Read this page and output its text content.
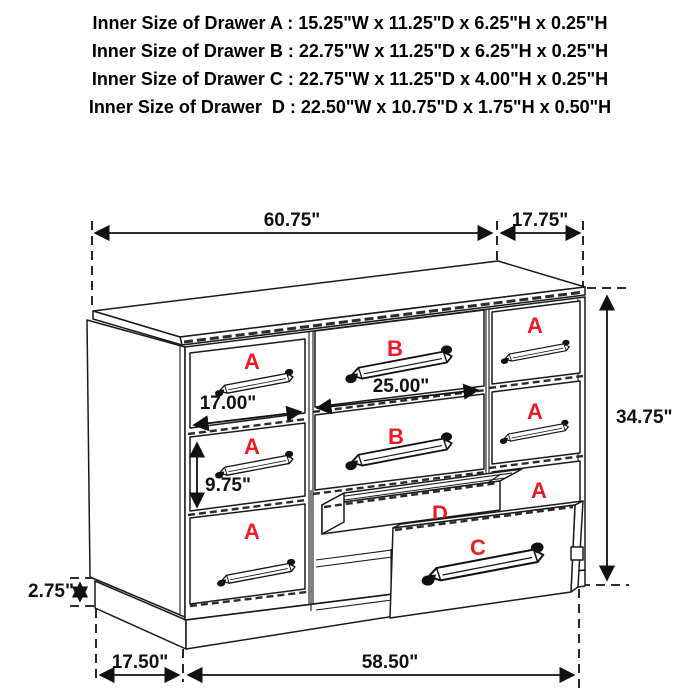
Inner Size of Drawer A : 15.25"W x 11.25"D x 6.25"H x 0.25"H
Inner Size of Drawer B : 22.75"W x 11.25"D x 6.25"H x 0.25"H
Inner Size of Drawer C : 22.75"W x 11.25"D x 4.00"H x 0.25"H
Inner Size of Drawer  D : 22.50"W x 10.75"D x 1.75"H x 0.50"H
A
A
A
B
B
A
A
A
D
C
60.75"	17.75"
34.75"
17.00"
25.00"
9.75"
2.75"
17.50"	58.50"
